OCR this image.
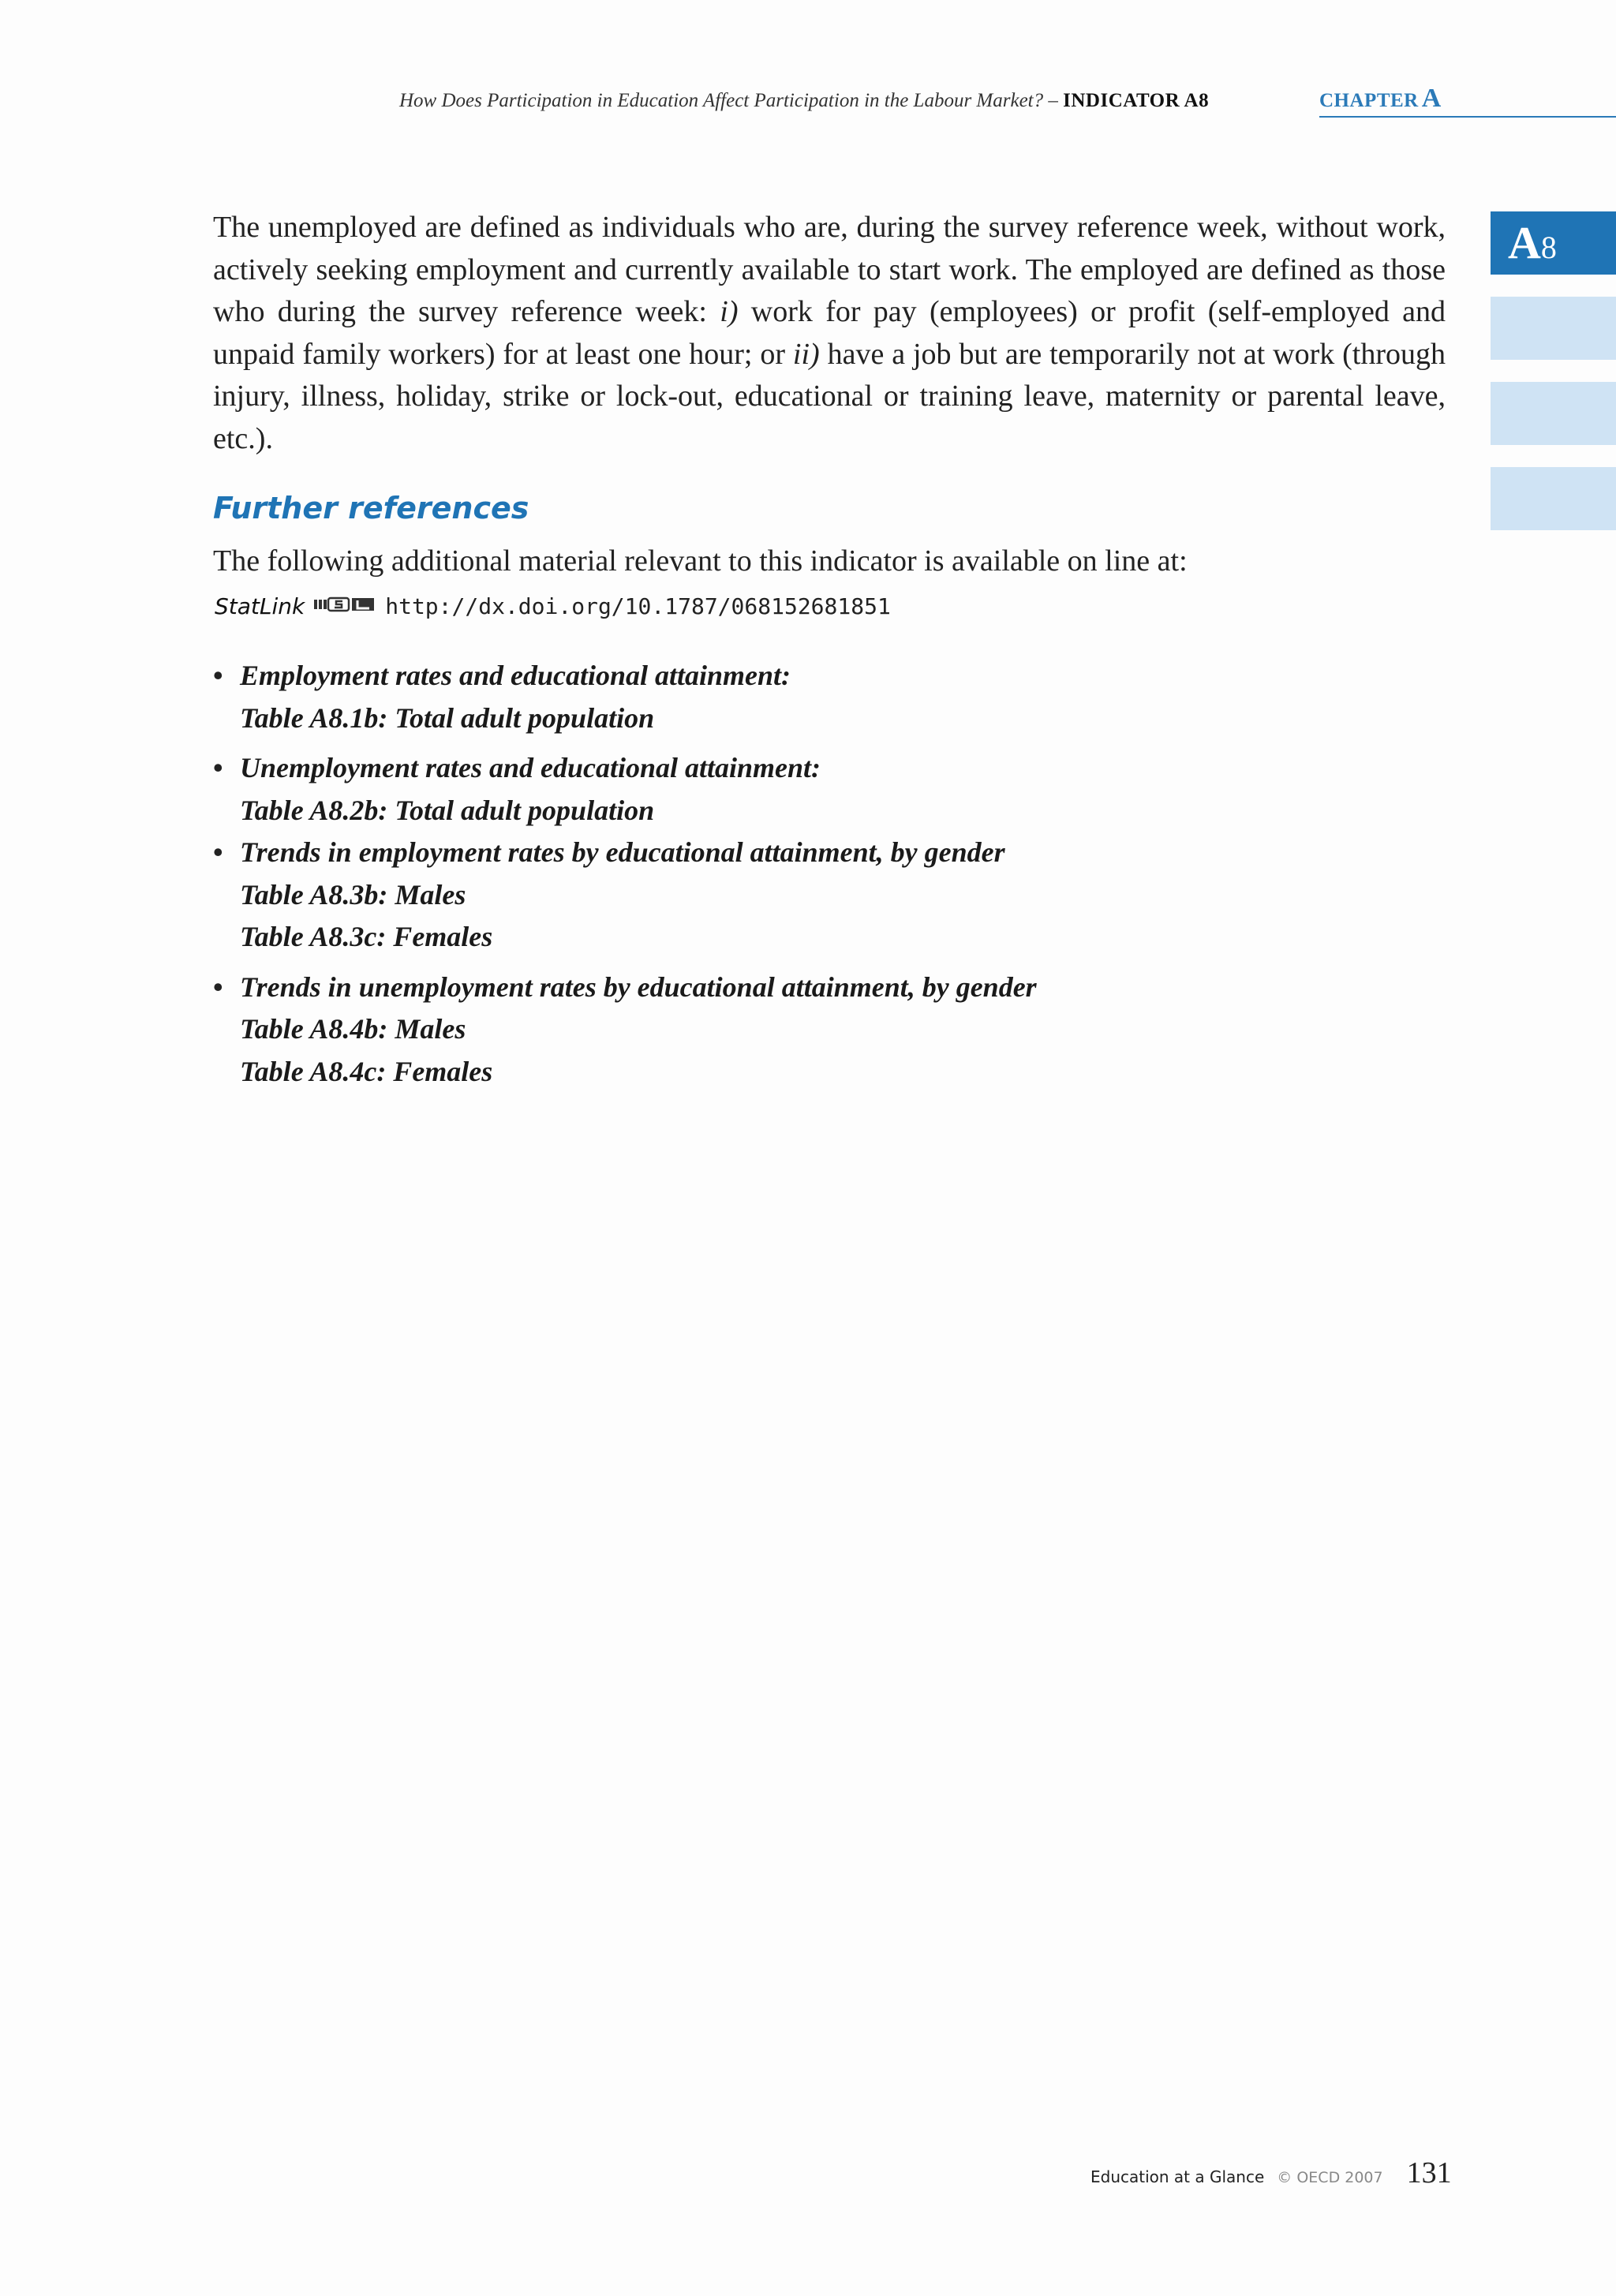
How Does Participation in Education Affect Participation in the Labour Market? – INDICATOR A8	CHAPTER A
A8

The unemployed are defined as individuals who are, during the survey reference week, without work, actively seeking employment and currently available to start work. The employed are defined as those who during the survey reference week: i) work for pay (employees) or profit (self-employed and unpaid family workers) for at least one hour; or ii) have a job but are temporarily not at work (through injury, illness, holiday, strike or lock-out, educational or training leave, maternity or parental leave, etc.).

Further references

The following additional material relevant to this indicator is available on line at:

StatLink	http://dx.doi.org/10.1787/068152681851
• Employment rates and educational attainment:
Table A8.1b: Total adult population
• Unemployment rates and educational attainment:
Table A8.2b: Total adult population
• Trends in employment rates by educational attainment, by gender
Table A8.3b: Males
Table A8.3c: Females
• Trends in unemployment rates by educational attainment, by gender
Table A8.4b: Males
Table A8.4c: Females
Education at a Glance © OECD 2007 131
